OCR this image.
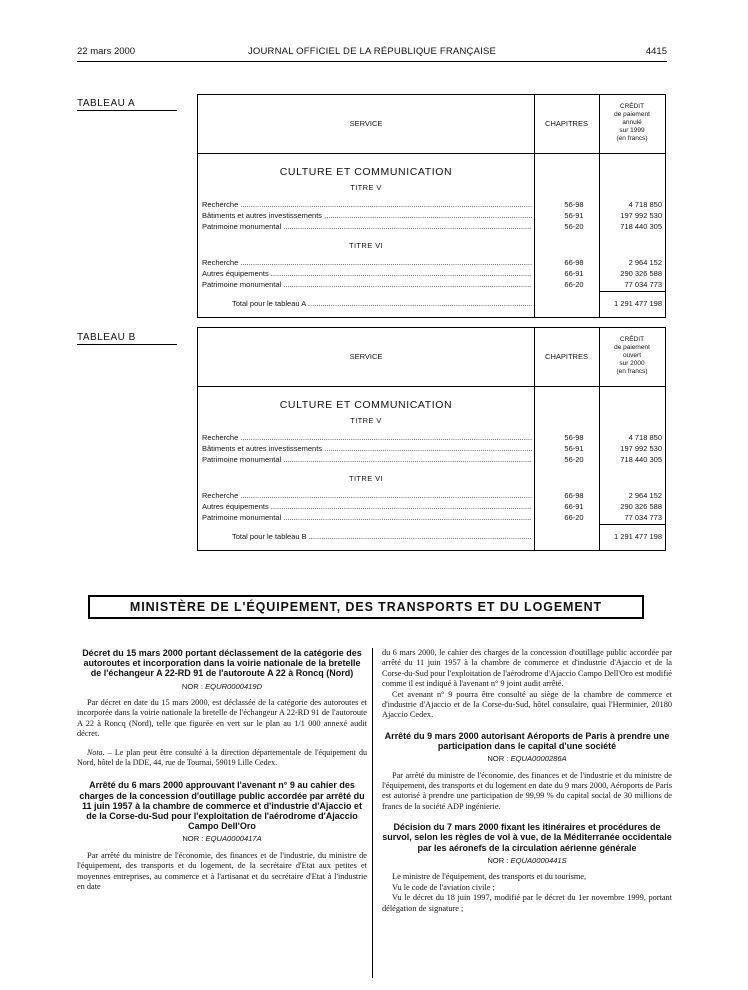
22 mars 2000	JOURNAL OFFICIEL DE LA RÉPUBLIQUE FRANÇAISE	4415
TABLEAU A
SERVICE	CHAPITRES
CRÉDIT
de paiement
annulé
sur 1999
(en francs)
CULTURE ET COMMUNICATION
TITRE V
Recherche .....	56-98	4 718 850
Bâtiments et autres investissements .....	56-91	197 992 530
Patrimoine monumental .....	56-20	718 440 305
TITRE VI
Recherche .....	66-98	2 964 152
Autres équipements .....	66-91	290 326 588
Patrimoine monumental .....	66-20	77 034 773
Total pour le tableau A .....	1 291 477 198
TABLEAU B
SERVICE	CHAPITRES
CRÉDIT
de paiement
ouvert
sur 2000
(en francs)
CULTURE ET COMMUNICATION
TITRE V
Recherche .....	56-98	4 718 850
Bâtiments et autres investissements .....	56-91	197 992 530
Patrimoine monumental .....	56-20	718 440 305
TITRE VI
Recherche .....	66-98	2 964 152
Autres équipements .....	66-91	290 326 588
Patrimoine monumental .....	66-20	77 034 773
Total pour le tableau B .....	1 291 477 198
MINISTÈRE DE L'ÉQUIPEMENT, DES TRANSPORTS ET DU LOGEMENT
Décret du 15 mars 2000 portant déclassement de la catégorie des autoroutes et incorporation dans la voirie nationale de la bretelle de l'échangeur A 22-RD 91 de l'autoroute A 22 à Roncq (Nord)
NOR : EQUR0000419D

Par décret en date du 15 mars 2000, est déclassée de la catégorie des autoroutes et incorporée dans la voirie nationale la bretelle de l'échangeur A 22-RD 91 de l'autoroute A 22 à Roncq (Nord), telle que figurée en vert sur le plan au 1/1 000 annexé audit décret.

Nota. – Le plan peut être consulté à la direction départementale de l'équipement du Nord, hôtel de la DDE, 44, rue de Tournai, 59019 Lille Cedex.

Arrêté du 6 mars 2000 approuvant l'avenant n° 9 au cahier des charges de la concession d'outillage public accordée par arrêté du 11 juin 1957 à la chambre de commerce et d'industrie d'Ajaccio et de la Corse-du-Sud pour l'exploitation de l'aérodrome d'Ajaccio Campo Dell'Oro
NOR : EQUA0000417A

Par arrêté du ministre de l'économie, des finances et de l'industrie, du ministre de l'équipement, des transports et du logement, de la secrétaire d'Etat aux petites et moyennes entreprises, au commerce et à l'artisanat et du secrétaire d'Etat à l'industrie en date

du 6 mars 2000, le cahier des charges de la concession d'outillage public accordée par arrêté du 11 juin 1957 à la chambre de commerce et d'industrie d'Ajaccio et de la Corse-du-Sud pour l'exploitation de l'aérodrome d'Ajaccio Campo Dell'Oro est modifié comme il est indiqué à l'avenant n° 9 joint audit arrêté.

Cet avenant n° 9 pourra être consulté au siège de la chambre de commerce et d'industrie d'Ajaccio et de la Corse-du-Sud, hôtel consulaire, quai l'Herminier, 20180 Ajaccio Cedex.

Arrêté du 9 mars 2000 autorisant Aéroports de Paris à prendre une participation dans le capital d'une société
NOR : EQUA0000286A

Par arrêté du ministre de l'économie, des finances et de l'industrie et du ministre de l'équipement, des transports et du logement en date du 9 mars 2000, Aéroports de Paris est autorisé à prendre une participation de 99,99 % du capital social de 30 millions de francs de la société ADP ingénierie.

Décision du 7 mars 2000 fixant les itinéraires et procédures de survol, selon les règles de vol à vue, de la Méditerranée occidentale par les aéronefs de la circulation aérienne générale
NOR : EQUA0000441S

Le ministre de l'équipement, des transports et du tourisme,

Vu le code de l'aviation civile ;

Vu le décret du 18 juin 1997, modifié par le décret du 1er novembre 1999, portant délégation de signature ;
